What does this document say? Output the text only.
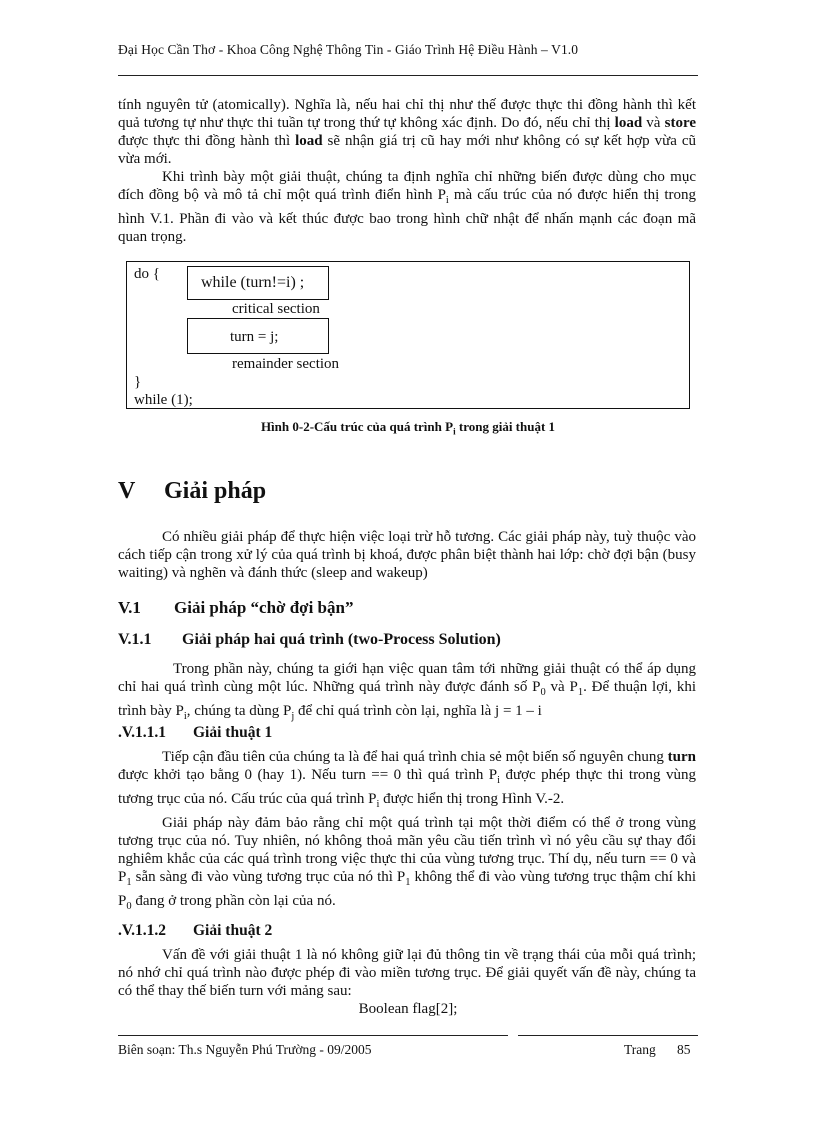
Đại Học Cần Thơ - Khoa Công Nghệ Thông Tin - Giáo Trình Hệ Điều Hành – V1.0

tính nguyên tử (atomically). Nghĩa là, nếu hai chỉ thị như thế được thực thi đồng hành thì kết quả tương tự như thực thi tuần tự trong thứ tự không xác định. Do đó, nếu chỉ thị load và store được thực thi đồng hành thì load sẽ nhận giá trị cũ hay mới như không có sự kết hợp vừa cũ vừa mới.

Khi trình bày một giải thuật, chúng ta định nghĩa chỉ những biến được dùng cho mục đích đồng bộ và mô tả chỉ một quá trình điển hình $P_i$ mà cấu trúc của nó được hiển thị trong hình V.1. Phần đi vào và kết thúc được bao trong hình chữ nhật để nhấn mạnh các đoạn mã quan trọng.

do {	while (turn!=i) ;
critical section
turn = j;
remainder section
}
while (1);
Hình 0-2-Cấu trúc của quá trình $P_i$ trong giải thuật 1
V Giải pháp
Có nhiều giải pháp để thực hiện việc loại trừ hỗ tương. Các giải pháp này, tuỳ thuộc vào cách tiếp cận trong xử lý của quá trình bị khoá, được phân biệt thành hai lớp: chờ đợi bận (busy waiting) và nghẽn và đánh thức (sleep and wakeup)
V.1 Giải pháp “chờ đợi bận”
V.1.1 Giải pháp hai quá trình (two-Process Solution)
Trong phần này, chúng ta giới hạn việc quan tâm tới những giải thuật có thể áp dụng chỉ hai quá trình cùng một lúc. Những quá trình này được đánh số $P_0$ và $P_1$. Để thuận lợi, khi trình bày $P_i$, chúng ta dùng $P_j$ để chỉ quá trình còn lại, nghĩa là j = 1 – i
.V.1.1.1 Giải thuật 1

Tiếp cận đầu tiên của chúng ta là để hai quá trình chia sẻ một biến số nguyên chung turn được khởi tạo bằng 0 (hay 1). Nếu turn == 0 thì quá trình $P_i$ được phép thực thi trong vùng tương trục của nó. Cấu trúc của quá trình $P_i$ được hiển thị trong Hình V.-2.

Giải pháp này đảm bảo rằng chỉ một quá trình tại một thời điểm có thể ở trong vùng tương trục của nó. Tuy nhiên, nó không thoả mãn yêu cầu tiến trình vì nó yêu cầu sự thay đổi nghiêm khắc của các quá trình trong việc thực thi của vùng tương trục. Thí dụ, nếu turn == 0 và $P_1$ sẵn sàng đi vào vùng tương trục của nó thì $P_1$ không thể đi vào vùng tương trục thậm chí khi $P_0$ đang ở trong phần còn lại của nó.

.V.1.1.2 Giải thuật 2
Vấn đề với giải thuật 1 là nó không giữ lại đủ thông tin về trạng thái của mỗi quá trình; nó nhớ chỉ quá trình nào được phép đi vào miền tương trục. Để giải quyết vấn đề này, chúng ta có thể thay thế biến turn với mảng sau:
Boolean flag[2];
Biên soạn: Th.s Nguyễn Phú Trường - 09/2005	Trang 85
